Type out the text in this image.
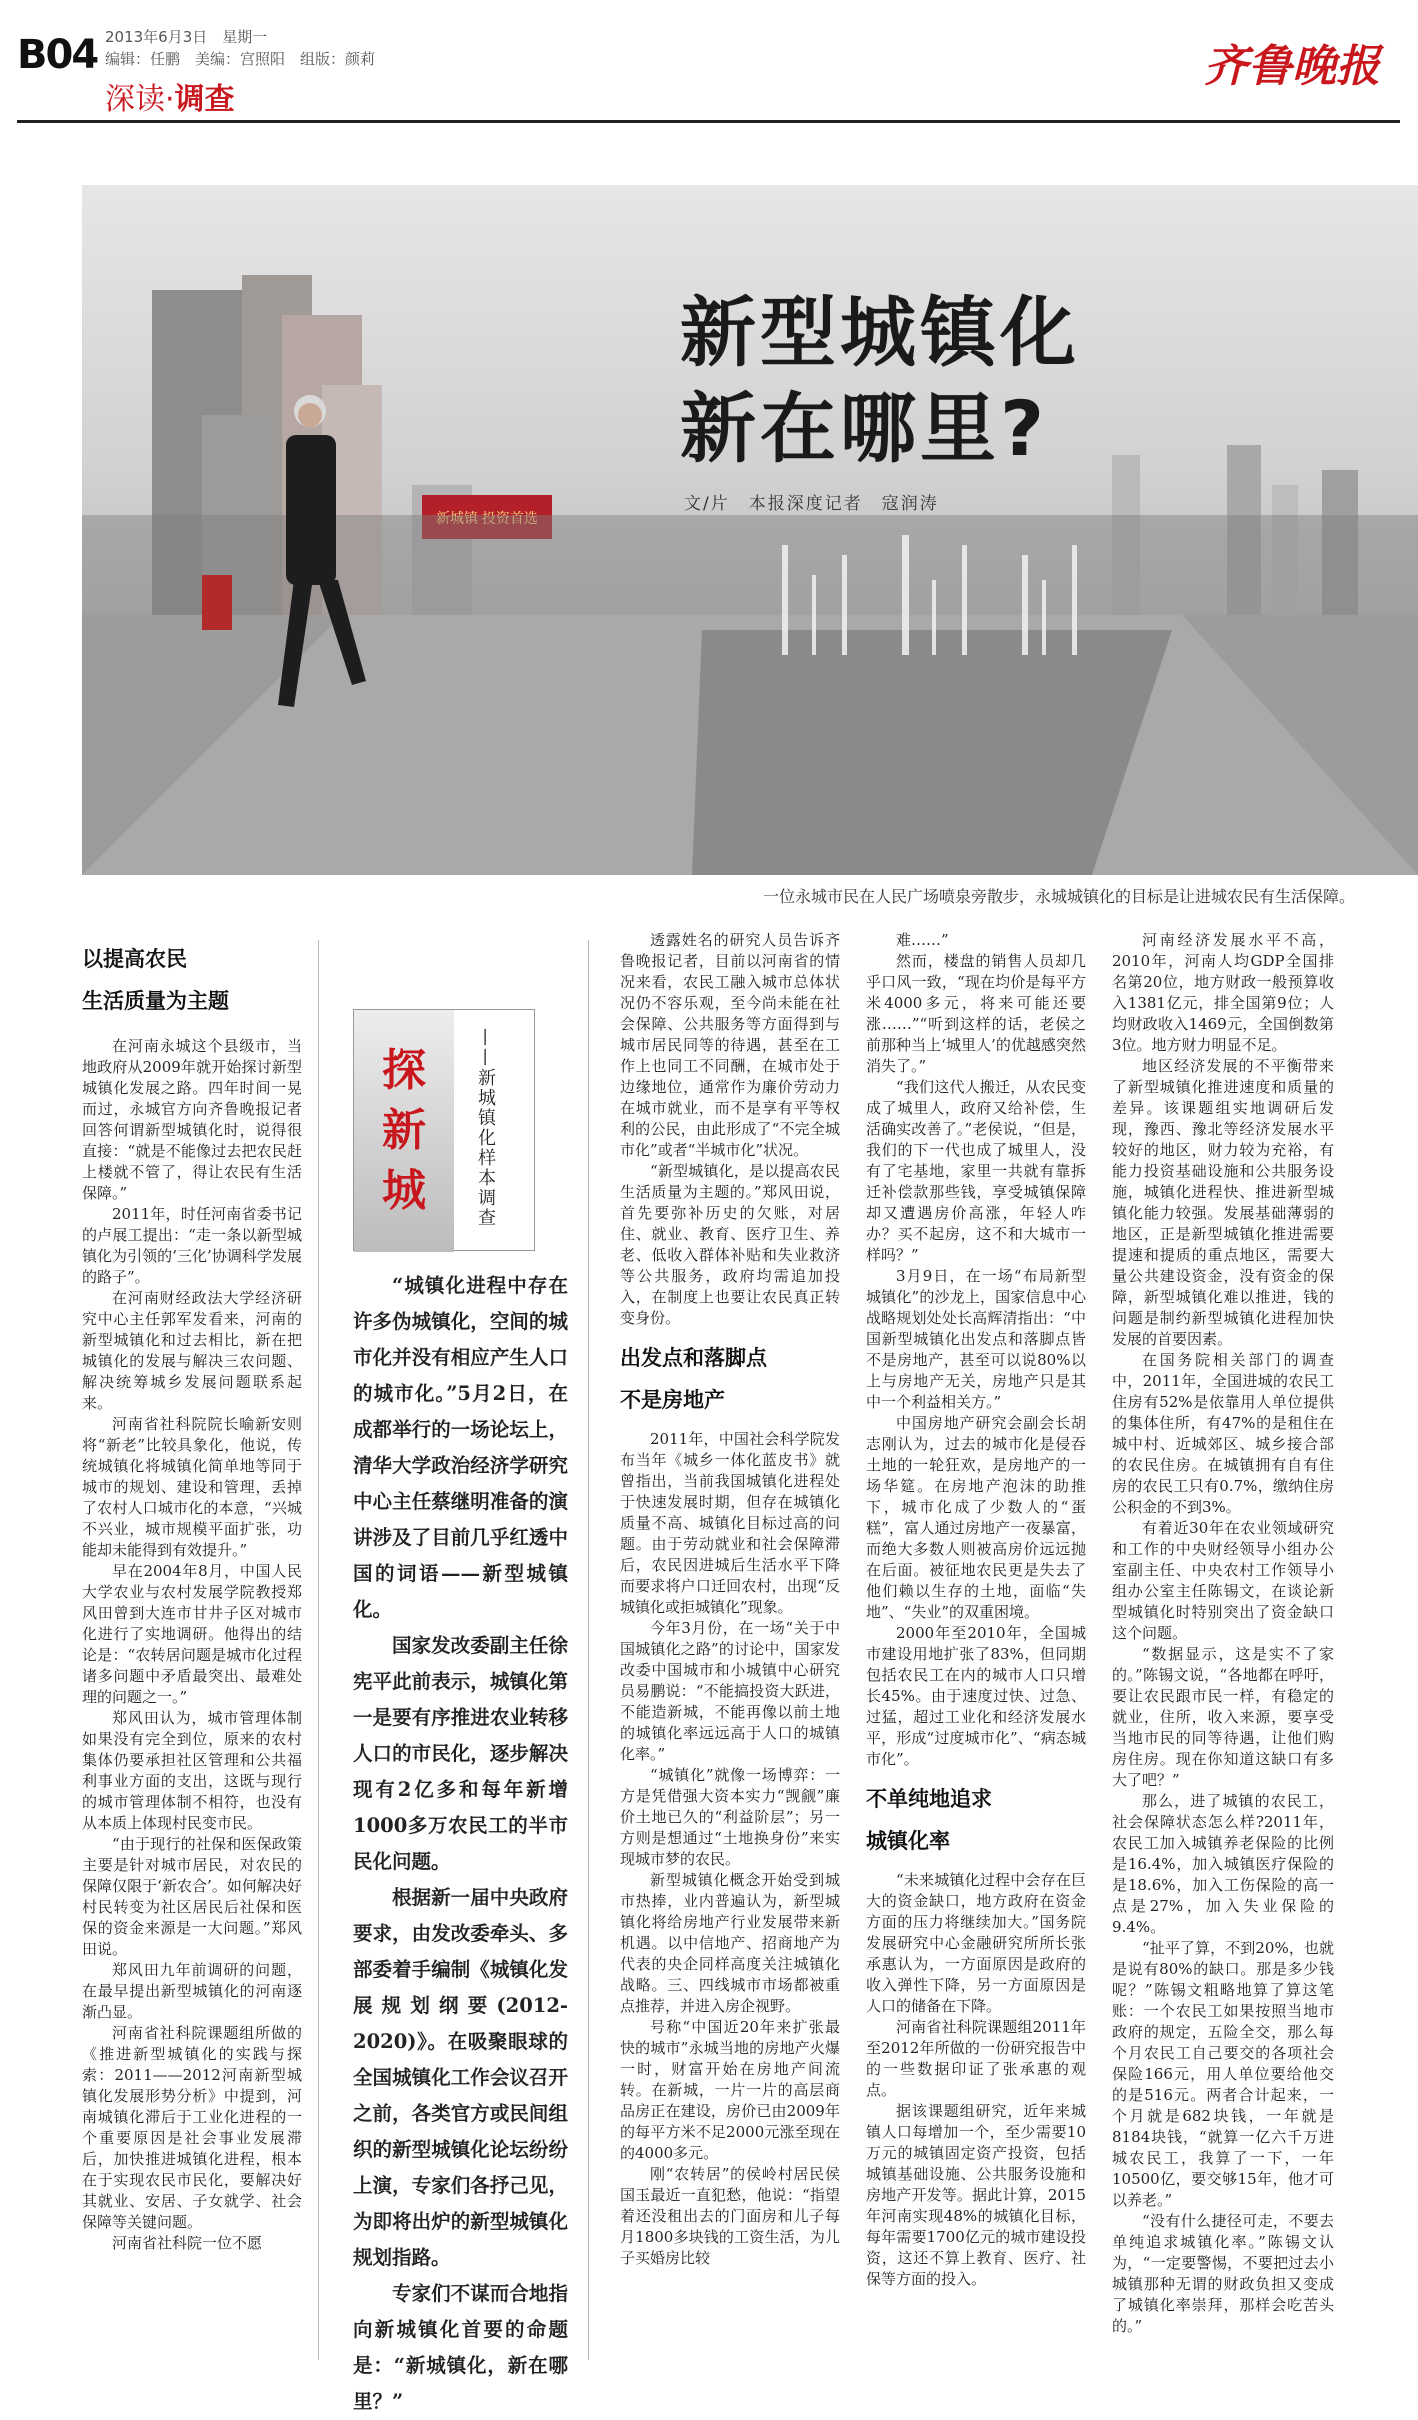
B04 2013年6月3日　星期一
编辑：任鹏　美编：宫照阳　组版：颜莉
深读·调查
齐鲁晚报
新城镇 投资首选
新型城镇化
新在哪里?
文/片　本报深度记者　寇润涛
一位永城市民在人民广场喷泉旁散步，永城城镇化的目标是让进城农民有生活保障。
以提高农民
生活质量为主题

在河南永城这个县级市，当地政府从2009年就开始探讨新型城镇化发展之路。四年时间一晃而过，永城官方向齐鲁晚报记者回答何谓新型城镇化时，说得很直接：“就是不能像过去把农民赶上楼就不管了，得让农民有生活保障。”

2011年，时任河南省委书记的卢展工提出：“走一条以新型城镇化为引领的‘三化’协调科学发展的路子”。

在河南财经政法大学经济研究中心主任郭军发看来，河南的新型城镇化和过去相比，新在把城镇化的发展与解决三农问题、解决统筹城乡发展问题联系起来。

河南省社科院院长喻新安则将“新老”比较具象化，他说，传统城镇化将城镇化简单地等同于城市的规划、建设和管理，丢掉了农村人口城市化的本意，“兴城不兴业，城市规模平面扩张，功能却未能得到有效提升。”

早在2004年8月，中国人民大学农业与农村发展学院教授郑风田曾到大连市甘井子区对城市化进行了实地调研。他得出的结论是：“农转居问题是城市化过程诸多问题中矛盾最突出、最难处理的问题之一。”

郑风田认为，城市管理体制如果没有完全到位，原来的农村集体仍要承担社区管理和公共福利事业方面的支出，这既与现行的城市管理体制不相符，也没有从本质上体现村民变市民。

“由于现行的社保和医保政策主要是针对城市居民，对农民的保障仅限于‘新农合’。如何解决好村民转变为社区居民后社保和医保的资金来源是一大问题。”郑风田说。

郑风田九年前调研的问题，在最早提出新型城镇化的河南逐渐凸显。

河南省社科院课题组所做的《推进新型城镇化的实践与探索：2011——2012河南新型城镇化发展形势分析》中提到，河南城镇化滞后于工业化进程的一个重要原因是社会事业发展滞后，加快推进城镇化进程，根本在于实现农民市民化，要解决好其就业、安居、子女就学、社会保障等关键问题。

河南省社科院一位不愿

探
新
城	——新城镇化样本调查

“城镇化进程中存在许多伪城镇化，空间的城市化并没有相应产生人口的城市化。”5月2日，在成都举行的一场论坛上，清华大学政治经济学研究中心主任蔡继明准备的演讲涉及了目前几乎红透中国的词语——新型城镇化。

国家发改委副主任徐宪平此前表示，城镇化第一是要有序推进农业转移人口的市民化，逐步解决现有2亿多和每年新增1000多万农民工的半市民化问题。

根据新一届中央政府要求，由发改委牵头、多部委着手编制《城镇化发展规划纲要(2012-2020)》。在吸聚眼球的全国城镇化工作会议召开之前，各类官方或民间组织的新型城镇化论坛纷纷上演，专家们各抒己见，为即将出炉的新型城镇化规划指路。

专家们不谋而合地指向新城镇化首要的命题是：“新城镇化，新在哪里？”

透露姓名的研究人员告诉齐鲁晚报记者，目前以河南省的情况来看，农民工融入城市总体状况仍不容乐观，至今尚未能在社会保障、公共服务等方面得到与城市居民同等的待遇，甚至在工作上也同工不同酬，在城市处于边缘地位，通常作为廉价劳动力在城市就业，而不是享有平等权利的公民，由此形成了“不完全城市化”或者“半城市化”状况。

“新型城镇化，是以提高农民生活质量为主题的。”郑风田说，首先要弥补历史的欠账，对居住、就业、教育、医疗卫生、养老、低收入群体补贴和失业救济等公共服务，政府均需追加投入，在制度上也要让农民真正转变身份。

出发点和落脚点
不是房地产

2011年，中国社会科学院发布当年《城乡一体化蓝皮书》就曾指出，当前我国城镇化进程处于快速发展时期，但存在城镇化质量不高、城镇化目标过高的问题。由于劳动就业和社会保障滞后，农民因进城后生活水平下降而要求将户口迁回农村，出现“反城镇化或拒城镇化”现象。

今年3月份，在一场“关于中国城镇化之路”的讨论中，国家发改委中国城市和小城镇中心研究员易鹏说：“不能搞投资大跃进，不能造新城，不能再像以前土地的城镇化率远远高于人口的城镇化率。”

“城镇化”就像一场博弈：一方是凭借强大资本实力“觊觎”廉价土地已久的“利益阶层”；另一方则是想通过“土地换身份”来实现城市梦的农民。

新型城镇化概念开始受到城市热捧，业内普遍认为，新型城镇化将给房地产行业发展带来新机遇。以中信地产、招商地产为代表的央企同样高度关注城镇化战略。三、四线城市市场都被重点推荐，并进入房企视野。

号称“中国近20年来扩张最快的城市”永城当地的房地产火爆一时，财富开始在房地产间流转。在新城，一片一片的高层商品房正在建设，房价已由2009年的每平方米不足2000元涨至现在的4000多元。

刚“农转居”的侯岭村居民侯国玉最近一直犯愁，他说：“指望着还没租出去的门面房和儿子每月1800多块钱的工资生活，为儿子买婚房比较

难……”

然而，楼盘的销售人员却几乎口风一致，“现在均价是每平方米4000多元，将来可能还要涨……”“听到这样的话，老侯之前那种当上‘城里人’的优越感突然消失了。”

“我们这代人搬迁，从农民变成了城里人，政府又给补偿，生活确实改善了。”老侯说，“但是，我们的下一代也成了城里人，没有了宅基地，家里一共就有靠拆迁补偿款那些钱，享受城镇保障却又遭遇房价高涨，年轻人咋办？买不起房，这不和大城市一样吗？”

3月9日，在一场“布局新型城镇化”的沙龙上，国家信息中心战略规划处处长高辉清指出：“中国新型城镇化出发点和落脚点皆不是房地产，甚至可以说80%以上与房地产无关，房地产只是其中一个利益相关方。”

中国房地产研究会副会长胡志刚认为，过去的城市化是侵吞土地的一轮狂欢，是房地产的一场华筵。在房地产泡沫的助推下，城市化成了少数人的“蛋糕”，富人通过房地产一夜暴富，而绝大多数人则被高房价远远抛在后面。被征地农民更是失去了他们赖以生存的土地，面临“失地”、“失业”的双重困境。

2000年至2010年，全国城市建设用地扩张了83%，但同期包括农民工在内的城市人口只增长45%。由于速度过快、过急、过猛，超过工业化和经济发展水平，形成“过度城市化”、“病态城市化”。

不单纯地追求
城镇化率

“未来城镇化过程中会存在巨大的资金缺口，地方政府在资金方面的压力将继续加大。”国务院发展研究中心金融研究所所长张承惠认为，一方面原因是政府的收入弹性下降，另一方面原因是人口的储备在下降。

河南省社科院课题组2011年至2012年所做的一份研究报告中的一些数据印证了张承惠的观点。

据该课题组研究，近年来城镇人口每增加一个，至少需要10万元的城镇固定资产投资，包括城镇基础设施、公共服务设施和房地产开发等。据此计算，2015年河南实现48%的城镇化目标，每年需要1700亿元的城市建设投资，这还不算上教育、医疗、社保等方面的投入。

河南经济发展水平不高，2010年，河南人均GDP全国排名第20位，地方财政一般预算收入1381亿元，排全国第9位；人均财政收入1469元，全国倒数第3位。地方财力明显不足。

地区经济发展的不平衡带来了新型城镇化推进速度和质量的差异。该课题组实地调研后发现，豫西、豫北等经济发展水平较好的地区，财力较为充裕，有能力投资基础设施和公共服务设施，城镇化进程快、推进新型城镇化能力较强。发展基础薄弱的地区，正是新型城镇化推进需要提速和提质的重点地区，需要大量公共建设资金，没有资金的保障，新型城镇化难以推进，钱的问题是制约新型城镇化进程加快发展的首要因素。

在国务院相关部门的调查中，2011年，全国进城的农民工住房有52%是依靠用人单位提供的集体住所，有47%的是租住在城中村、近城郊区、城乡接合部的农民住房。在城镇拥有自有住房的农民工只有0.7%，缴纳住房公积金的不到3%。

有着近30年在农业领域研究和工作的中央财经领导小组办公室副主任、中央农村工作领导小组办公室主任陈锡文，在谈论新型城镇化时特别突出了资金缺口这个问题。

“数据显示，这是实不了家的。”陈锡文说，“各地都在呼吁，要让农民跟市民一样，有稳定的就业，住所，收入来源，要享受当地市民的同等待遇，让他们购房住房。现在你知道这缺口有多大了吧？”

那么，进了城镇的农民工，社会保障状态怎么样?2011年，农民工加入城镇养老保险的比例是16.4%，加入城镇医疗保险的是18.6%，加入工伤保险的高一点是27%，加入失业保险的9.4%。

“扯平了算，不到20%，也就是说有80%的缺口。那是多少钱呢？”陈锡文粗略地算了算这笔账：一个农民工如果按照当地市政府的规定，五险全交，那么每个月农民工自己要交的各项社会保险166元，用人单位要给他交的是516元。两者合计起来，一个月就是682块钱，一年就是8184块钱，“就算一亿六千万进城农民工，我算了一下，一年10500亿，要交够15年，他才可以养老。”

“没有什么捷径可走，不要去单纯追求城镇化率。”陈锡文认为，“一定要警惕，不要把过去小城镇那种无谓的财政负担又变成了城镇化率崇拜，那样会吃苦头的。”
